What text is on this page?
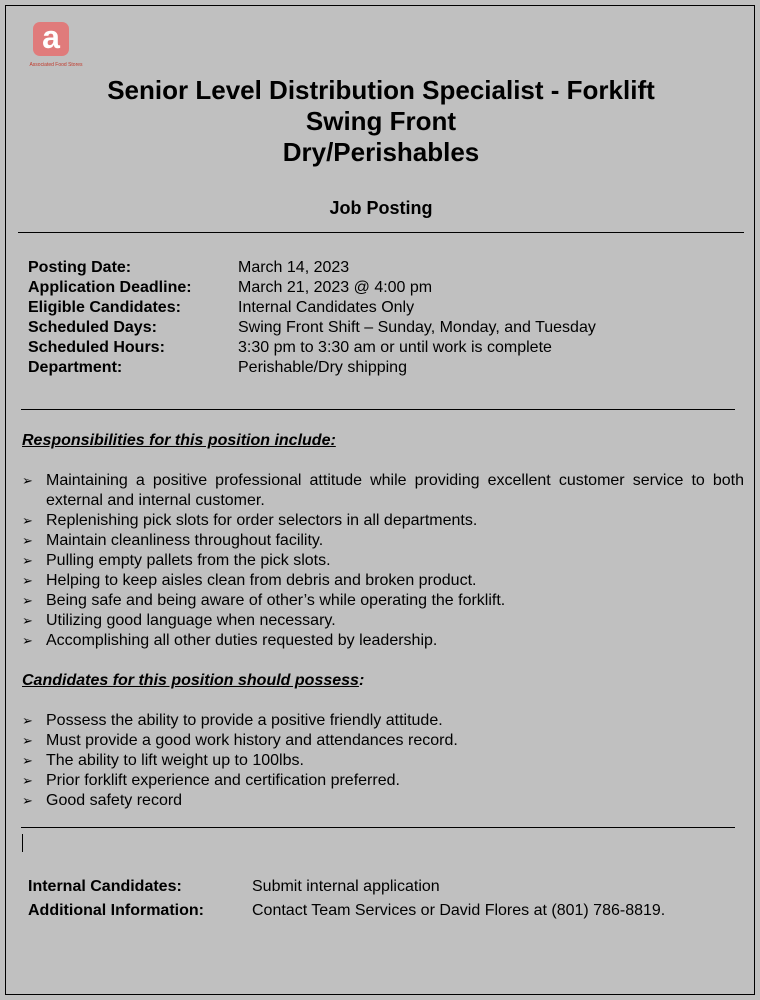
a
Associated Food Stores
Senior Level Distribution Specialist - Forklift
Swing Front
Dry/Perishables
Job Posting
Posting Date:	March 14, 2023
Application Deadline:	March 21, 2023 @ 4:00 pm
Eligible Candidates:	Internal Candidates Only
Scheduled Days:	Swing Front Shift – Sunday, Monday, and Tuesday
Scheduled Hours:	3:30 pm to 3:30 am or until work is complete
Department:	Perishable/Dry shipping
Responsibilities for this position include:
➢ Maintaining a positive professional attitude while providing excellent customer service to both external and internal customer.
➢ Replenishing pick slots for order selectors in all departments.
➢ Maintain cleanliness throughout facility.
➢ Pulling empty pallets from the pick slots.
➢ Helping to keep aisles clean from debris and broken product.
➢ Being safe and being aware of other’s while operating the forklift.
➢ Utilizing good language when necessary.
➢ Accomplishing all other duties requested by leadership.
Candidates for this position should possess:
➢ Possess the ability to provide a positive friendly attitude.
➢ Must provide a good work history and attendances record.
➢ The ability to lift weight up to 100lbs.
➢ Prior forklift experience and certification preferred.
➢ Good safety record
Internal Candidates:	Submit internal application
Additional Information:	Contact Team Services or David Flores at (801) 786-8819.
